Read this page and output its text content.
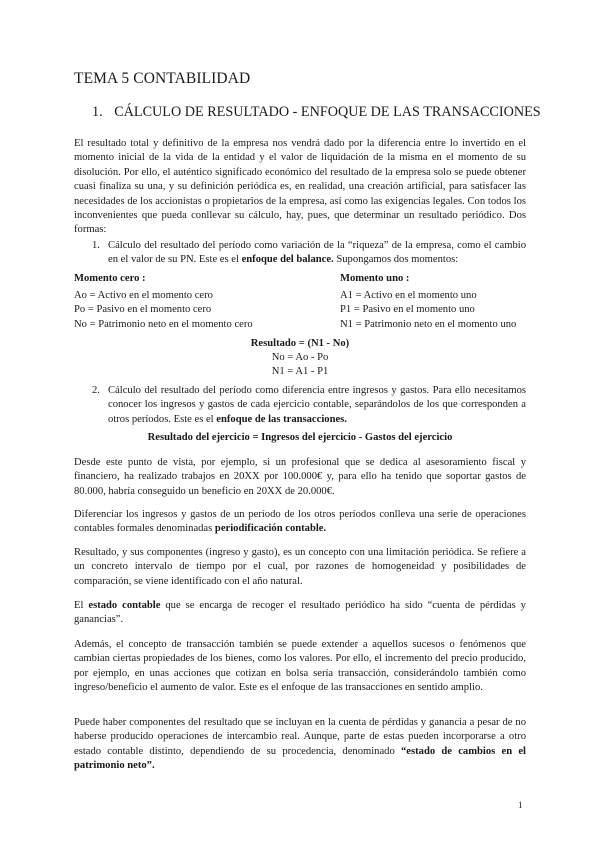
TEMA 5 CONTABILIDAD
1. CÁLCULO DE RESULTADO - ENFOQUE DE LAS TRANSACCIONES

El resultado total y definitivo de la empresa nos vendrá dado por la diferencia entre lo invertido en el momento inicial de la vida de la entidad y el valor de liquidación de la misma en el momento de su disolución. Por ello, el auténtico significado económico del resultado de la empresa solo se puede obtener cuasi finaliza su una, y su definición periódica es, en realidad, una creación artificial, para satisfacer las necesidades de los accionistas o propietarios de la empresa, así como las exigencias legales. Con todos los inconvenientes que pueda conllevar su cálculo, hay, pues, que determinar un resultado periódico. Dos formas:

1. Cálculo del resultado del período como variación de la “riqueza” de la empresa, como el cambio en el valor de su PN. Este es el enfoque del balance. Supongamos dos momentos:
Momento cero :
Ao = Activo en el momento cero
Po = Pasivo en el momento cero
No = Patrimonio neto en el momento cero
Momento uno :
A1 = Activo en el momento uno
P1 = Pasivo en el momento uno
N1 = Patrimonio neto en el momento uno
Resultado = (N1 - No)
No = Ao - Po
N1 = A1 - P1
2. Cálculo del resultado del período como diferencia entre ingresos y gastos. Para ello necesitamos conocer los ingresos y gastos de cada ejercicio contable, separándolos de los que corresponden a otros períodos. Este es el enfoque de las transacciones.
Resultado del ejercicio = Ingresos del ejercicio - Gastos del ejercicio

Desde este punto de vista, por ejemplo, si un profesional que se dedica al asesoramiento fiscal y financiero, ha realizado trabajos en 20XX por 100.000€ y, para ello ha tenido que soportar gastos de 80.000, habría conseguido un beneficio en 20XX de 20.000€.

Diferenciar los ingresos y gastos de un período de los otros períodos conlleva una serie de operaciones contables formales denominadas periodificación contable.

Resultado, y sus componentes (ingreso y gasto), es un concepto con una limitación periódica. Se refiere a un concreto intervalo de tiempo por el cual, por razones de homogeneidad y posibilidades de comparación, se viene identificado con el año natural.

El estado contable que se encarga de recoger el resultado periódico ha sido “cuenta de pérdidas y ganancias”.

Además, el concepto de transacción también se puede extender a aquellos sucesos o fenómenos que cambian ciertas propiedades de los bienes, como los valores. Por ello, el incremento del precio producido, por ejemplo, en unas acciones que cotizan en bolsa sería transacción, considerándolo también como ingreso/beneficio el aumento de valor. Este es el enfoque de las transacciones en sentido amplio.

Puede haber componentes del resultado que se incluyan en la cuenta de pérdidas y ganancia a pesar de no haberse producido operaciones de intercambio real. Aunque, parte de estas pueden incorporarse a otro estado contable distinto, dependiendo de su procedencia, denominado “estado de cambios en el patrimonio neto”.

1
